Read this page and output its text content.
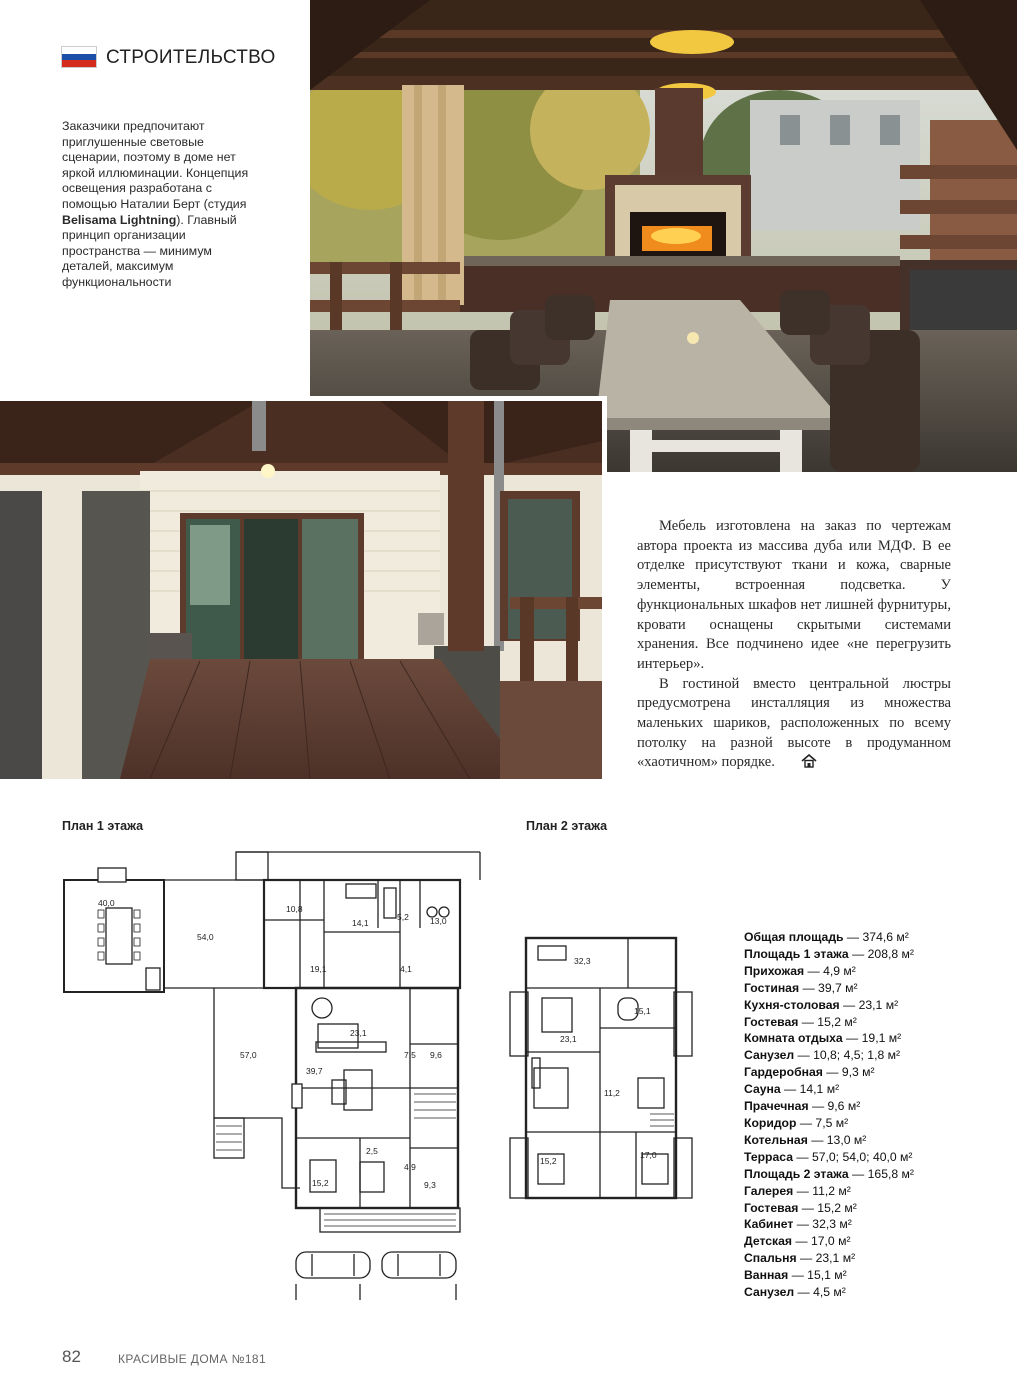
СТРОИТЕЛЬСТВО
Заказчики предпочитают приглушенные световые сценарии, поэтому в доме нет яркой иллюминации. Концепция освещения разработана с помощью Наталии Берт (студия Belisama Lightning). Главный принцип организации пространства — минимум деталей, максимум функциональности

Мебель изготовлена на заказ по чертежам автора проекта из массива дуба или МДФ. В ее отделке присутствуют ткани и кожа, сварные элементы, встроенная подсветка. У функциональных шкафов нет лишней фурнитуры, кровати оснащены скрытыми системами хранения. Все подчинено идее «не перегрузить интерьер».

В гостиной вместо центральной люстры предусмотрена инсталляция из множества маленьких шариков, расположенных по всему потолку на разной высоте в продуманном «хаотичном» порядке.

План 1 этажа	План 2 этажа
40,0
54,0
10,8
14,1
5,2 13,0
19,1	4,1
57,0
23,1
7,5 9,6
39,7
2,5
4,9
15,2	9,3
32,3
15,1
23,1
11,2
15,2
17,0
Общая площадь — 374,6 м²
Площадь 1 этажа — 208,8 м²
Прихожая — 4,9 м²
Гостиная — 39,7 м²
Кухня-столовая — 23,1 м²
Гостевая — 15,2 м²
Комната отдыха — 19,1 м²
Санузел — 10,8; 4,5; 1,8 м²
Гардеробная — 9,3 м²
Сауна — 14,1 м²
Прачечная — 9,6 м²
Коридор — 7,5 м²
Котельная — 13,0 м²
Терраса — 57,0; 54,0; 40,0 м²
Площадь 2 этажа — 165,8 м²
Галерея — 11,2 м²
Гостевая — 15,2 м²
Кабинет — 32,3 м²
Детская — 17,0 м²
Спальня — 23,1 м²
Ванная — 15,1 м²
Санузел — 4,5 м²
82	КРАСИВЫЕ ДОМА №181
